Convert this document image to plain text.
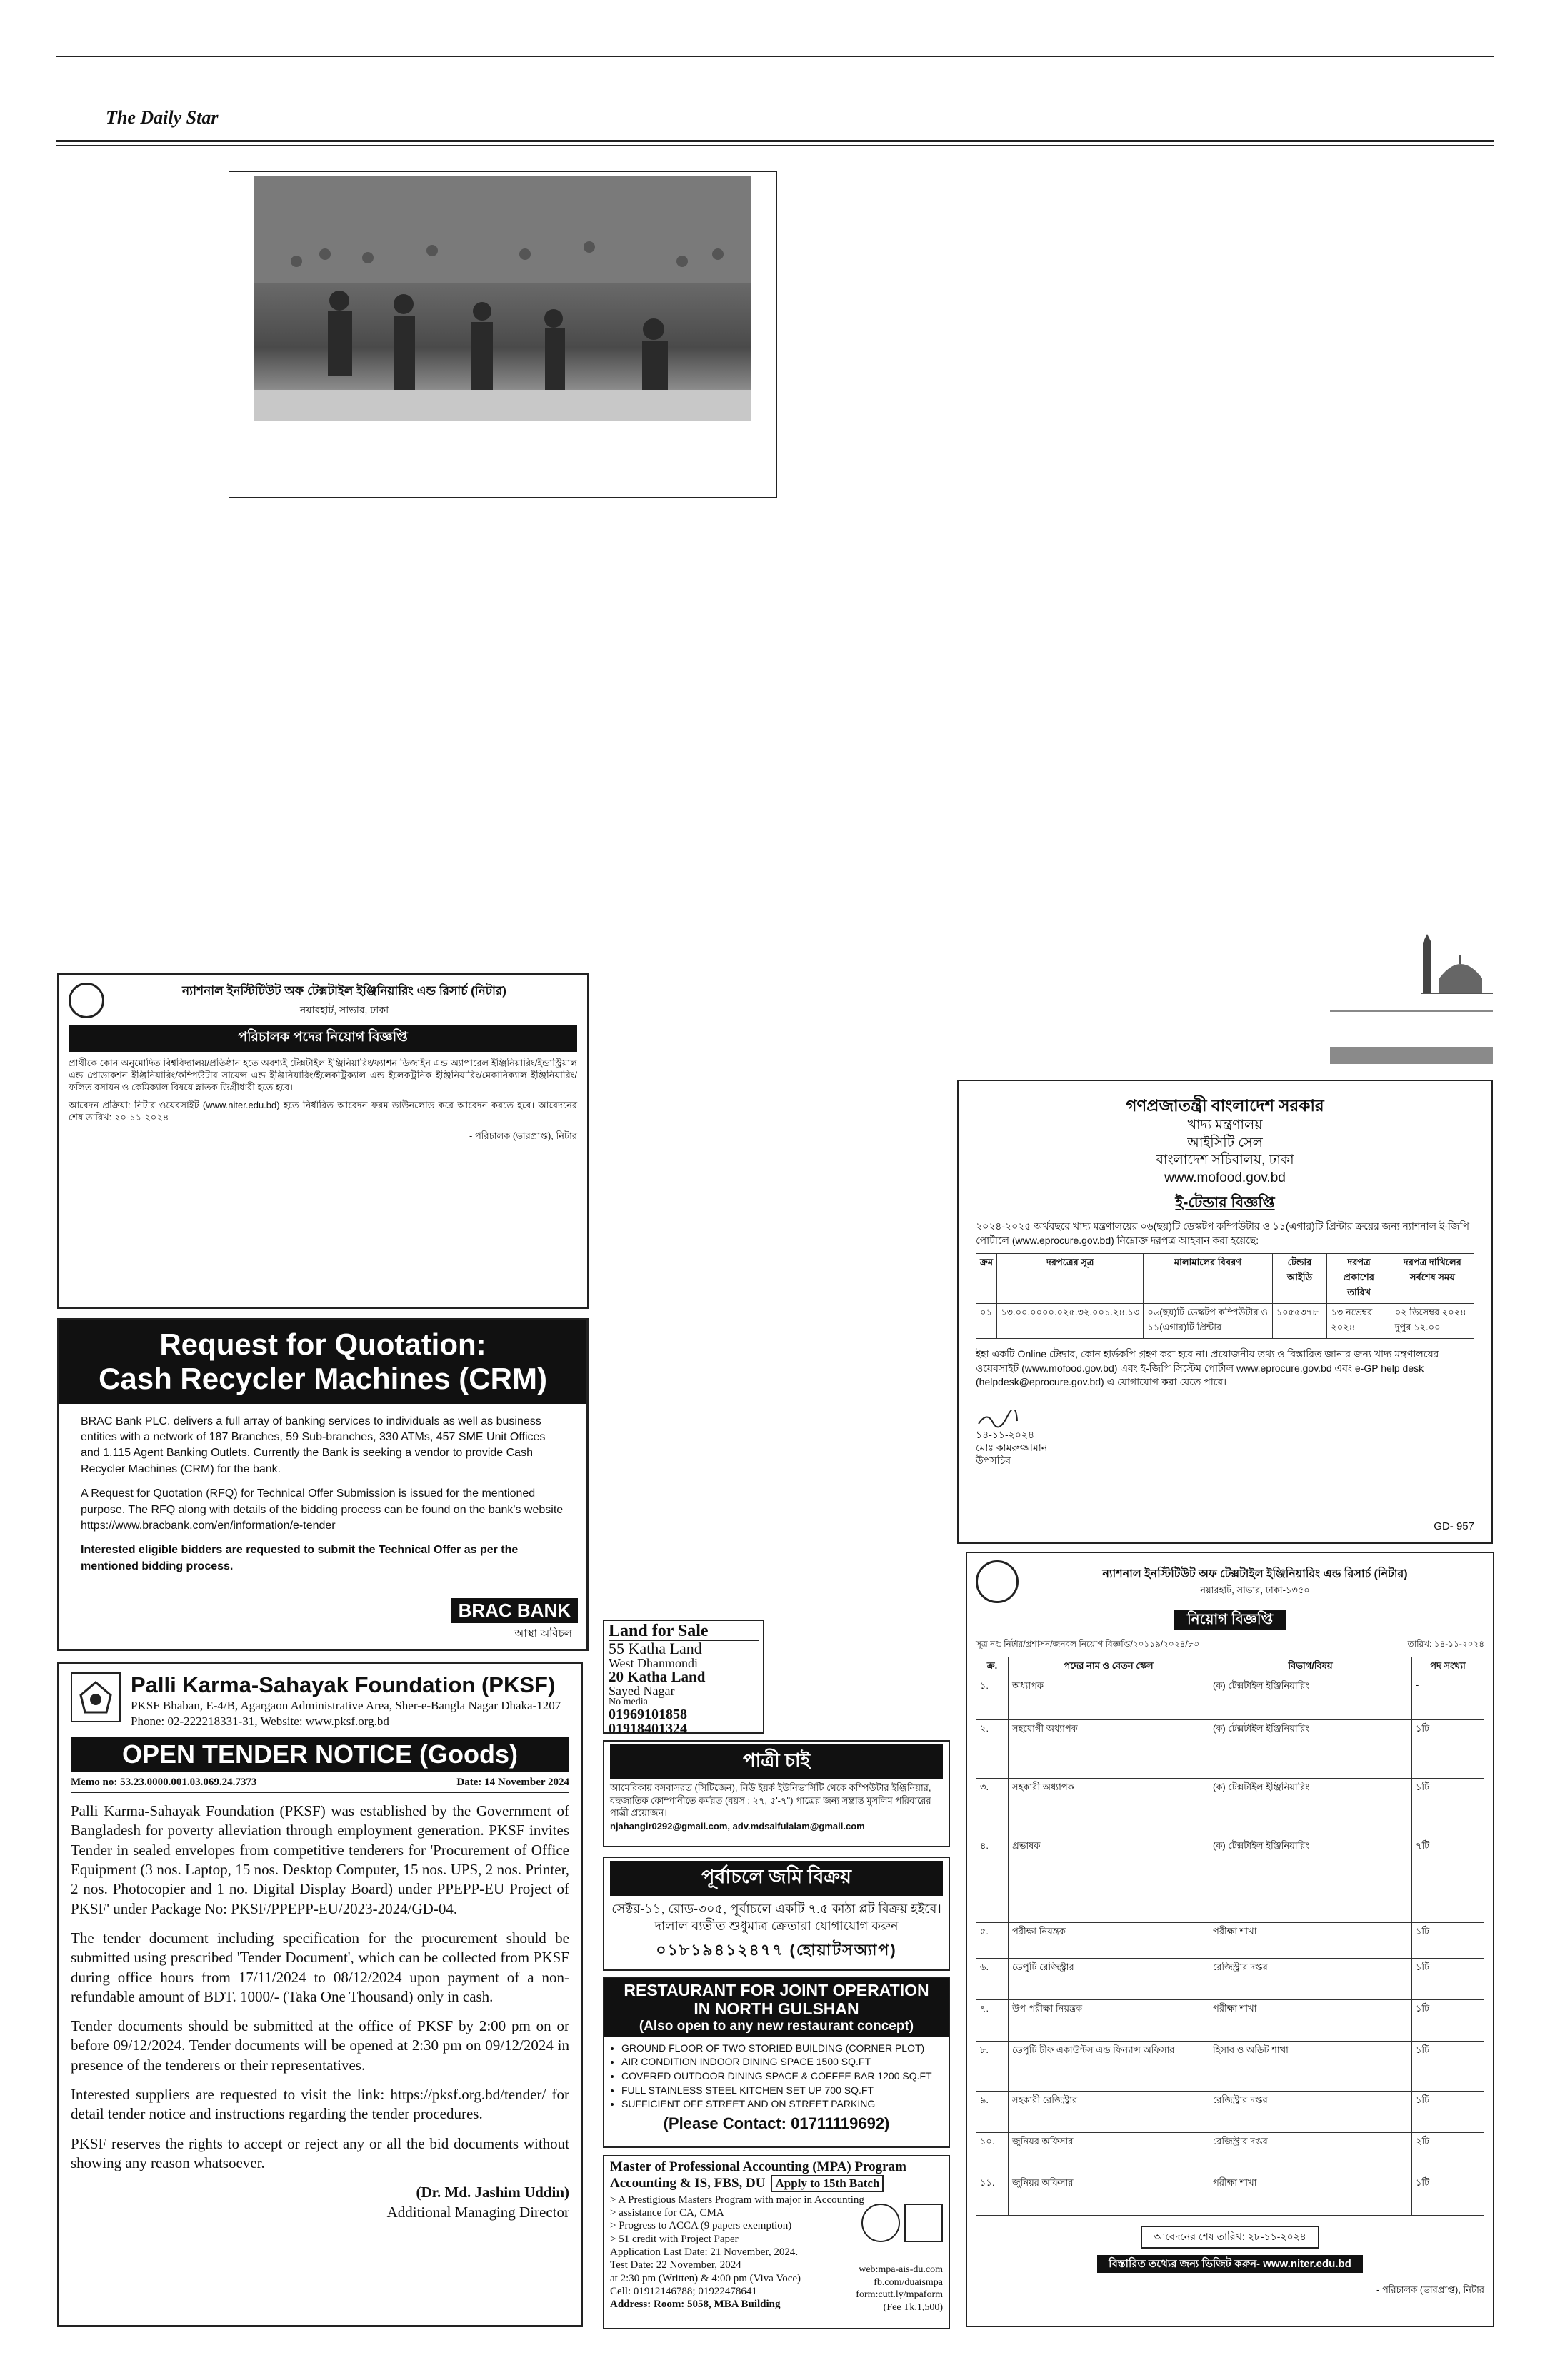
The Daily Star
ন্যাশনাল ইনস্টিটিউট অফ টেক্সটাইল ইঞ্জিনিয়ারিং এন্ড রিসার্চ (নিটার)
নয়ারহাট, সাভার, ঢাকা
পরিচালক পদের নিয়োগ বিজ্ঞপ্তি
প্রার্থীকে কোন অনুমোদিত বিশ্ববিদ্যালয়/প্রতিষ্ঠান হতে অবশ্যই টেক্সটাইল ইঞ্জিনিয়ারিং/ফ্যাশন ডিজাইন এন্ড অ্যাপারেল ইঞ্জিনিয়ারিং/ইন্ডাস্ট্রিয়াল এন্ড প্রোডাকশন ইঞ্জিনিয়ারিং/কম্পিউটার সায়েন্স এন্ড ইঞ্জিনিয়ারিং/ইলেকট্রিক্যাল এন্ড ইলেকট্রনিক ইঞ্জিনিয়ারিং/মেকানিক্যাল ইঞ্জিনিয়ারিং/ফলিত রসায়ন ও কেমিক্যাল বিষয়ে স্নাতক ডিগ্রীধারী হতে হবে।
আবেদন প্রক্রিয়া: নিটার ওয়েবসাইট (www.niter.edu.bd) হতে নির্ধারিত আবেদন ফরম ডাউনলোড করে আবেদন করতে হবে। আবেদনের শেষ তারিখ: ২০-১১-২০২৪
- পরিচালক (ভারপ্রাপ্ত), নিটার
Request for Quotation:
Cash Recycler Machines (CRM)

BRAC Bank PLC. delivers a full array of banking services to individuals as well as business entities with a network of 187 Branches, 59 Sub-branches, 330 ATMs, 457 SME Unit Offices and 1,115 Agent Banking Outlets. Currently the Bank is seeking a vendor to provide Cash Recycler Machines (CRM) for the bank.

A Request for Quotation (RFQ) for Technical Offer Submission is issued for the mentioned purpose. The RFQ along with details of the bidding process can be found on the bank's website https://www.bracbank.com/en/information/e-tender

Interested eligible bidders are requested to submit the Technical Offer as per the mentioned bidding process.

BRAC BANK
আস্থা অবিচল
Palli Karma-Sahayak Foundation (PKSF)
PKSF Bhaban, E-4/B, Agargaon Administrative Area, Sher-e-Bangla Nagar Dhaka-1207 Phone: 02-222218331-31, Website: www.pksf.org.bd
OPEN TENDER NOTICE (Goods)
Memo no: 53.23.0000.001.03.069.24.7373	Date: 14 November 2024

Palli Karma-Sahayak Foundation (PKSF) was established by the Government of Bangladesh for poverty alleviation through employment generation. PKSF invites Tender in sealed envelopes from competitive tenderers for 'Procurement of Office Equipment (3 nos. Laptop, 15 nos. Desktop Computer, 15 nos. UPS, 2 nos. Printer, 2 nos. Photocopier and 1 no. Digital Display Board) under PPEPP-EU Project of PKSF' under Package No: PKSF/PPEPP-EU/2023-2024/GD-04.

The tender document including specification for the procurement should be submitted using prescribed 'Tender Document', which can be collected from PKSF during office hours from 17/11/2024 to 08/12/2024 upon payment of a non-refundable amount of BDT. 1000/- (Taka One Thousand) only in cash.

Tender documents should be submitted at the office of PKSF by 2:00 pm on or before 09/12/2024. Tender documents will be opened at 2:30 pm on 09/12/2024 in presence of the tenderers or their representatives.

Interested suppliers are requested to visit the link: https://pksf.org.bd/tender/ for detail tender notice and instructions regarding the tender procedures.

PKSF reserves the rights to accept or reject any or all the bid documents without showing any reason whatsoever.

(Dr. Md. Jashim Uddin)
Additional Managing Director
Land for Sale
55 Katha Land
West Dhanmondi
20 Katha Land
Sayed Nagar
No media
01969101858
01918401324
পাত্রী চাই
আমেরিকায় বসবাসরত (সিটিজেন), নিউ ইয়র্ক ইউনিভার্সিটি থেকে কম্পিউটার ইঞ্জিনিয়ার, বহুজাতিক কোম্পানীতে কর্মরত (বয়স : ২৭, ৫'-৭") পাত্রের জন্য সম্ভ্রান্ত মুসলিম পরিবারের পাত্রী প্রয়োজন।
njahangir0292@gmail.com, adv.mdsaifulalam@gmail.com
পূর্বাচলে জমি বিক্রয়
সেক্টর-১১, রোড-৩০৫, পূর্বাচলে একটি ৭.৫ কাঠা প্লট বিক্রয় হইবে। দালাল ব্যতীত শুধুমাত্র ক্রেতারা যোগাযোগ করুন
০১৮১৯৪১২৪৭৭ (হোয়াটসঅ্যাপ)
RESTAURANT FOR JOINT OPERATION
IN NORTH GULSHAN
(Also open to any new restaurant concept)
• GROUND FLOOR OF TWO STORIED BUILDING (CORNER PLOT)
• AIR CONDITION INDOOR DINING SPACE 1500 SQ.FT
• COVERED OUTDOOR DINING SPACE & COFFEE BAR 1200 SQ.FT
• FULL STAINLESS STEEL KITCHEN SET UP 700 SQ.FT
• SUFFICIENT OFF STREET AND ON STREET PARKING
(Please Contact: 01711119692)
Master of Professional Accounting (MPA) Program
Accounting & IS, FBS, DU Apply to 15th Batch
> A Prestigious Masters Program with major in Accounting
> assistance for CA, CMA
> Progress to ACCA (9 papers exemption)
> 51 credit with Project Paper
Application Last Date: 21 November, 2024.
Test Date: 22 November, 2024
at 2:30 pm (Written) & 4:00 pm (Viva Voce)
Cell: 01912146788; 01922478641
Address: Room: 5058, MBA Building
web:mpa-ais-du.com
fb.com/duaismpa
form:cutt.ly/mpaform
(Fee Tk.1,500)
গণপ্রজাতন্ত্রী বাংলাদেশ সরকার
খাদ্য মন্ত্রণালয়
আইসিটি সেল
বাংলাদেশ সচিবালয়, ঢাকা
www.mofood.gov.bd
ই-টেন্ডার বিজ্ঞপ্তি
২০২৪-২০২৫ অর্থবছরে খাদ্য মন্ত্রণালয়ের ০৬(ছয়)টি ডেস্কটপ কম্পিউটার ও ১১(এগার)টি প্রিন্টার ক্রয়ের জন্য ন্যাশনাল ই-জিপি পোর্টালে (www.eprocure.gov.bd) নিম্নোক্ত দরপত্র আহবান করা হয়েছে:
ক্রম	দরপত্রের সূত্র	মালামালের বিবরণ	টেন্ডার আইডি	দরপত্র প্রকাশের তারিখ	দরপত্র দাখিলের সর্বশেষ সময়
০১	১৩.০০.০০০০.০২৫.৩২.০০১.২৪.১৩	০৬(ছয়)টি ডেস্কটপ কম্পিউটার ও ১১(এগার)টি প্রিন্টার	১০৫৫৩৭৮	১৩ নভেম্বর ২০২৪	০২ ডিসেম্বর ২০২৪ দুপুর ১২.০০
ইহা একটি Online টেন্ডার, কোন হার্ডকপি গ্রহণ করা হবে না। প্রয়োজনীয় তথ্য ও বিস্তারিত জানার জন্য খাদ্য মন্ত্রণালয়ের ওয়েবসাইট (www.mofood.gov.bd) এবং ই-জিপি সিস্টেম পোর্টাল www.eprocure.gov.bd এবং e-GP help desk (helpdesk@eprocure.gov.bd) এ যোগাযোগ করা যেতে পারে।
১৪-১১-২০২৪
মোঃ কামরুজ্জামান
উপসচিব
GD- 957
ন্যাশনাল ইনস্টিটিউট অফ টেক্সটাইল ইঞ্জিনিয়ারিং এন্ড রিসার্চ (নিটার)
নয়ারহাট, সাভার, ঢাকা-১৩৫০
নিয়োগ বিজ্ঞপ্তি
সূত্র নং: নিটার/প্রশাসন/জনবল নিয়োগ বিজ্ঞপ্তি/২০১১৯/২০২৪/৮৩	তারিখ: ১৪-১১-২০২৪
ক্র.	পদের নাম ও বেতন স্কেল	বিভাগ/বিষয়	পদ সংখ্যা
১.	অধ্যাপক	(ক) টেক্সটাইল ইঞ্জিনিয়ারিং	-
২.	সহযোগী অধ্যাপক	(ক) টেক্সটাইল ইঞ্জিনিয়ারিং	১টি
৩.	সহকারী অধ্যাপক	(ক) টেক্সটাইল ইঞ্জিনিয়ারিং	১টি
৪.	প্রভাষক	(ক) টেক্সটাইল ইঞ্জিনিয়ারিং	৭টি
৫.	পরীক্ষা নিয়ন্ত্রক	পরীক্ষা শাখা	১টি
৬.	ডেপুটি রেজিস্ট্রার	রেজিস্ট্রার দপ্তর	১টি
৭.	উপ-পরীক্ষা নিয়ন্ত্রক	পরীক্ষা শাখা	১টি
৮.	ডেপুটি চীফ একাউন্টস এন্ড ফিন্যান্স অফিসার	হিসাব ও অডিট শাখা	১টি
৯.	সহকারী রেজিস্ট্রার	রেজিস্ট্রার দপ্তর	১টি
১০.	জুনিয়র অফিসার	রেজিস্ট্রার দপ্তর	২টি
১১.	জুনিয়র অফিসার	পরীক্ষা শাখা	১টি
আবেদনের শেষ তারিখ: ২৮-১১-২০২৪
বিস্তারিত তথ্যের জন্য ভিজিট করুন- www.niter.edu.bd
- পরিচালক (ভারপ্রাপ্ত), নিটার
